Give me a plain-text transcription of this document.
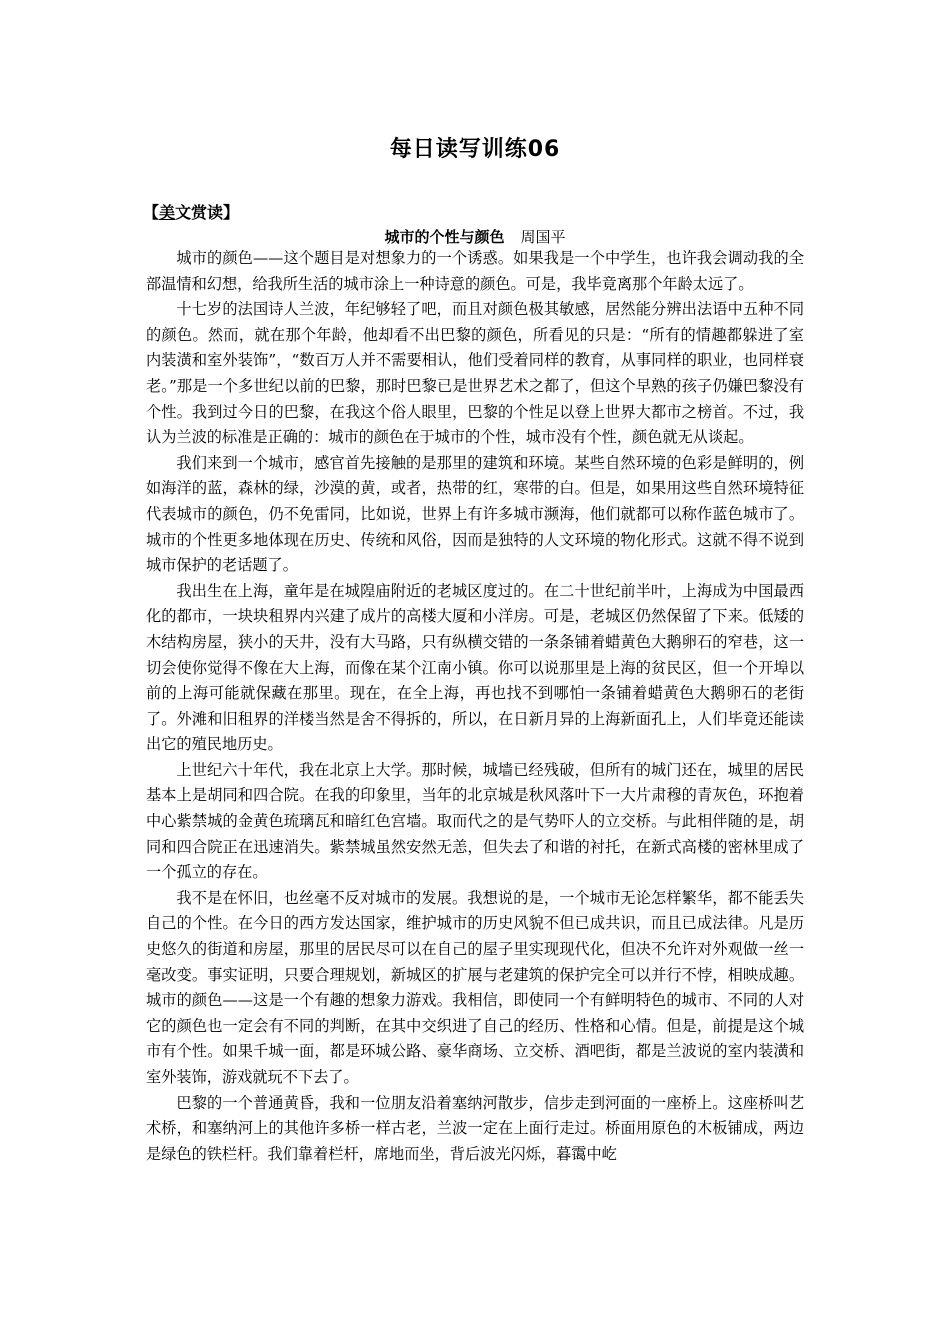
每日读写训练06
【美文赏读】
城市的个性与颜色 周国平

城市的颜色——这个题目是对想象力的一个诱惑。如果我是一个中学生，也许我会调动我的全部温情和幻想，给我所生活的城市涂上一种诗意的颜色。可是，我毕竟离那个年龄太远了。

十七岁的法国诗人兰波，年纪够轻了吧，而且对颜色极其敏感，居然能分辨出法语中五种不同的颜色。然而，就在那个年龄，他却看不出巴黎的颜色，所看见的只是：“所有的情趣都躲进了室内装潢和室外装饰”，“数百万人并不需要相认，他们受着同样的教育，从事同样的职业，也同样衰老。”那是一个多世纪以前的巴黎，那时巴黎已是世界艺术之都了，但这个早熟的孩子仍嫌巴黎没有个性。我到过今日的巴黎，在我这个俗人眼里，巴黎的个性足以登上世界大都市之榜首。不过，我认为兰波的标准是正确的：城市的颜色在于城市的个性，城市没有个性，颜色就无从谈起。

我们来到一个城市，感官首先接触的是那里的建筑和环境。某些自然环境的色彩是鲜明的，例如海洋的蓝，森林的绿，沙漠的黄，或者，热带的红，寒带的白。但是，如果用这些自然环境特征代表城市的颜色，仍不免雷同，比如说，世界上有许多城市濒海，他们就都可以称作蓝色城市了。城市的个性更多地体现在历史、传统和风俗，因而是独特的人文环境的物化形式。这就不得不说到城市保护的老话题了。

我出生在上海，童年是在城隍庙附近的老城区度过的。在二十世纪前半叶，上海成为中国最西化的都市，一块块租界内兴建了成片的高楼大厦和小洋房。可是，老城区仍然保留了下来。低矮的木结构房屋，狭小的天井，没有大马路，只有纵横交错的一条条铺着蜡黄色大鹅卵石的窄巷，这一切会使你觉得不像在大上海，而像在某个江南小镇。你可以说那里是上海的贫民区，但一个开埠以前的上海可能就保藏在那里。现在，在全上海，再也找不到哪怕一条铺着蜡黄色大鹅卵石的老街了。外滩和旧租界的洋楼当然是舍不得拆的，所以，在日新月异的上海新面孔上，人们毕竟还能读出它的殖民地历史。

上世纪六十年代，我在北京上大学。那时候，城墙已经残破，但所有的城门还在，城里的居民基本上是胡同和四合院。在我的印象里，当年的北京城是秋风落叶下一大片肃穆的青灰色，环抱着中心紫禁城的金黄色琉璃瓦和暗红色宫墙。取而代之的是气势吓人的立交桥。与此相伴随的是，胡同和四合院正在迅速消失。紫禁城虽然安然无恙，但失去了和谐的衬托，在新式高楼的密林里成了一个孤立的存在。

我不是在怀旧，也丝毫不反对城市的发展。我想说的是，一个城市无论怎样繁华，都不能丢失自己的个性。在今日的西方发达国家，维护城市的历史风貌不但已成共识，而且已成法律。凡是历史悠久的街道和房屋，那里的居民尽可以在自己的屋子里实现现代化，但决不允许对外观做一丝一毫改变。事实证明，只要合理规划，新城区的扩展与老建筑的保护完全可以并行不悖，相映成趣。城市的颜色——这是一个有趣的想象力游戏。我相信，即使同一个有鲜明特色的城市、不同的人对它的颜色也一定会有不同的判断，在其中交织进了自己的经历、性格和心情。但是，前提是这个城市有个性。如果千城一面，都是环城公路、豪华商场、立交桥、酒吧街，都是兰波说的室内装潢和室外装饰，游戏就玩不下去了。

巴黎的一个普通黄昏，我和一位朋友沿着塞纳河散步，信步走到河面的一座桥上。这座桥叫艺术桥，和塞纳河上的其他许多桥一样古老，兰波一定在上面行走过。桥面用原色的木板铺成，两边是绿色的铁栏杆。我们靠着栏杆，席地而坐，背后波光闪烁，暮霭中屹
